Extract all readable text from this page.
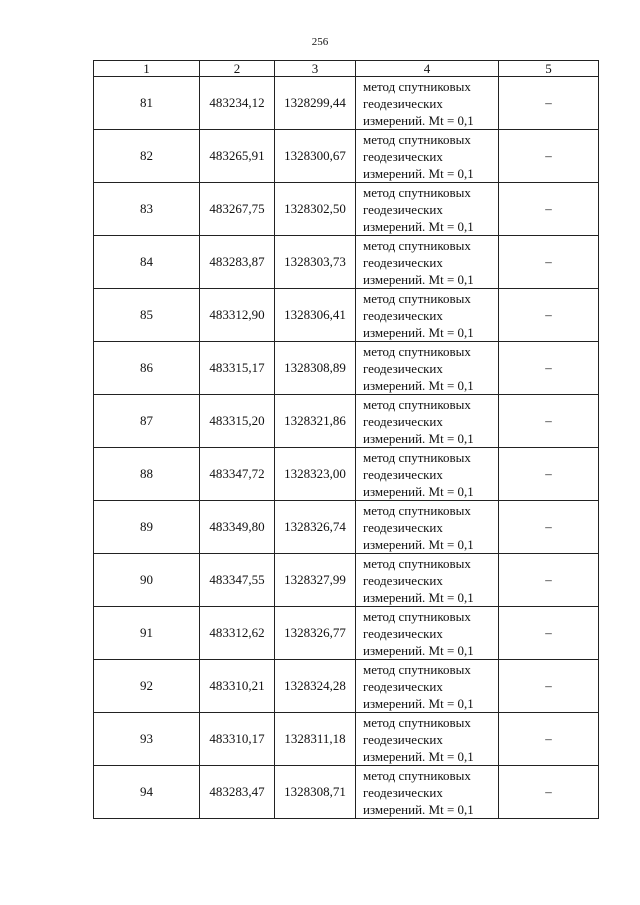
256
1	2	3	4	5
81	483234,12	1328299,44	метод спутниковых
геодезических
измерений. Mt = 0,1	–
82	483265,91	1328300,67	метод спутниковых
геодезических
измерений. Mt = 0,1	–
83	483267,75	1328302,50	метод спутниковых
геодезических
измерений. Mt = 0,1	–
84	483283,87	1328303,73	метод спутниковых
геодезических
измерений. Mt = 0,1	–
85	483312,90	1328306,41	метод спутниковых
геодезических
измерений. Mt = 0,1	–
86	483315,17	1328308,89	метод спутниковых
геодезических
измерений. Mt = 0,1	–
87	483315,20	1328321,86	метод спутниковых
геодезических
измерений. Mt = 0,1	–
88	483347,72	1328323,00	метод спутниковых
геодезических
измерений. Mt = 0,1	–
89	483349,80	1328326,74	метод спутниковых
геодезических
измерений. Mt = 0,1	–
90	483347,55	1328327,99	метод спутниковых
геодезических
измерений. Mt = 0,1	–
91	483312,62	1328326,77	метод спутниковых
геодезических
измерений. Mt = 0,1	–
92	483310,21	1328324,28	метод спутниковых
геодезических
измерений. Mt = 0,1	–
93	483310,17	1328311,18	метод спутниковых
геодезических
измерений. Mt = 0,1	–
94	483283,47	1328308,71	метод спутниковых
геодезических
измерений. Mt = 0,1	–
